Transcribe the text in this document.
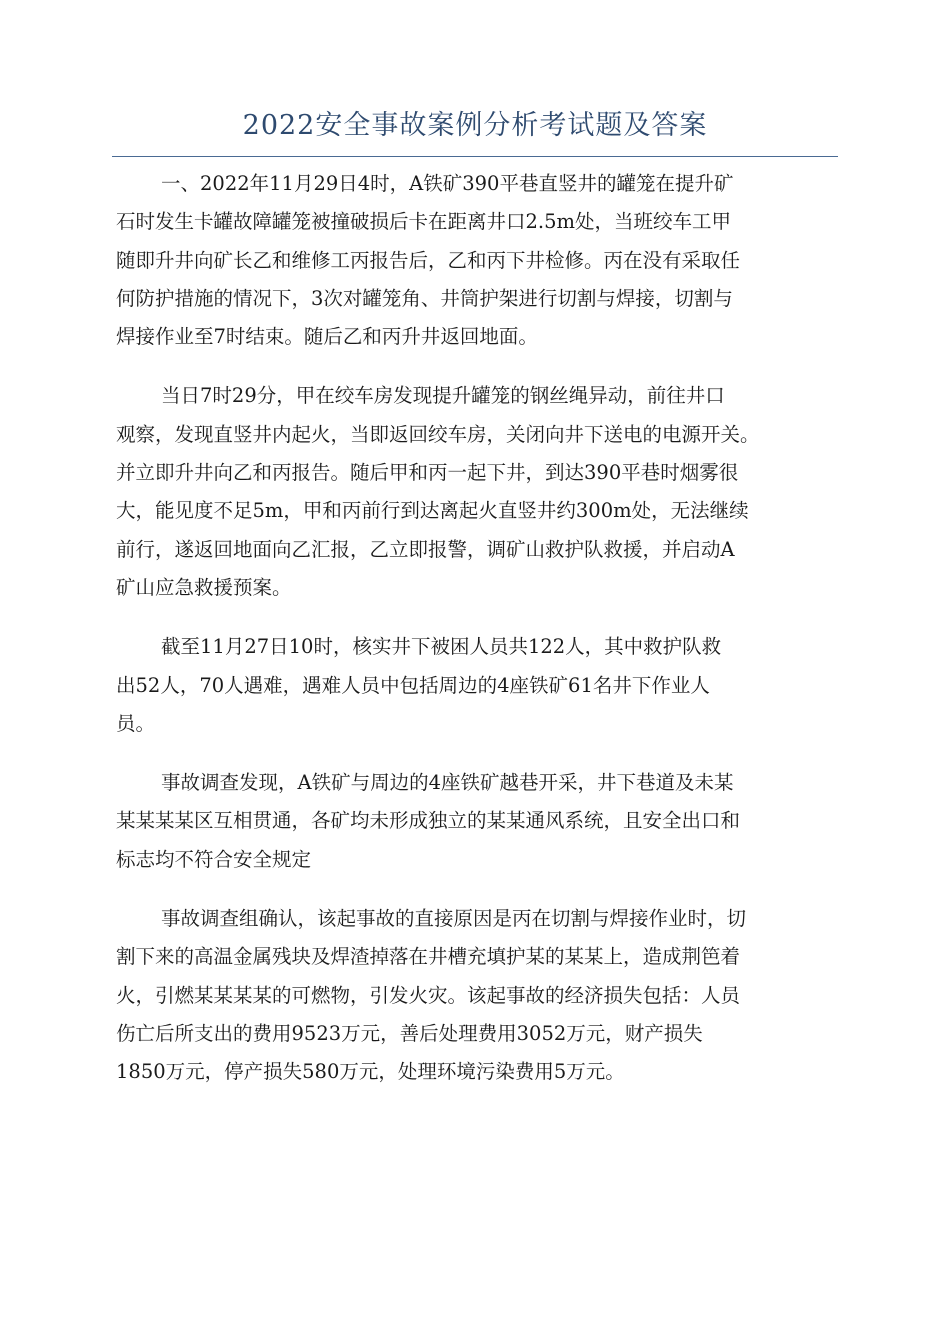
2022安全事故案例分析考试题及答案

一、2022年11月29日4时，A铁矿390平巷直竖井的罐笼在提升矿
石时发生卡罐故障罐笼被撞破损后卡在距离井口2.5m处，当班绞车工甲
随即升井向矿长乙和维修工丙报告后，乙和丙下井检修。丙在没有采取任
何防护措施的情况下，3次对罐笼角、井筒护架进行切割与焊接，切割与
焊接作业至7时结束。随后乙和丙升井返回地面。

当日7时29分，甲在绞车房发现提升罐笼的钢丝绳异动，前往井口
观察，发现直竖井内起火，当即返回绞车房，关闭向井下送电的电源开关。
并立即升井向乙和丙报告。随后甲和丙一起下井，到达390平巷时烟雾很
大，能见度不足5m，甲和丙前行到达离起火直竖井约300m处，无法继续
前行，遂返回地面向乙汇报，乙立即报警，调矿山救护队救援，并启动A
矿山应急救援预案。

截至11月27日10时，核实井下被困人员共122人，其中救护队救
出52人，70人遇难，遇难人员中包括周边的4座铁矿61名井下作业人
员。

事故调查发现，A铁矿与周边的4座铁矿越巷开采，井下巷道及未某
某某某某区互相贯通，各矿均未形成独立的某某通风系统，且安全出口和
标志均不符合安全规定

事故调查组确认，该起事故的直接原因是丙在切割与焊接作业时，切
割下来的高温金属残块及焊渣掉落在井槽充填护某的某某上，造成荆笆着
火，引燃某某某某的可燃物，引发火灾。该起事故的经济损失包括：人员
伤亡后所支出的费用9523万元，善后处理费用3052万元，财产损失
1850万元，停产损失580万元，处理环境污染费用5万元。
